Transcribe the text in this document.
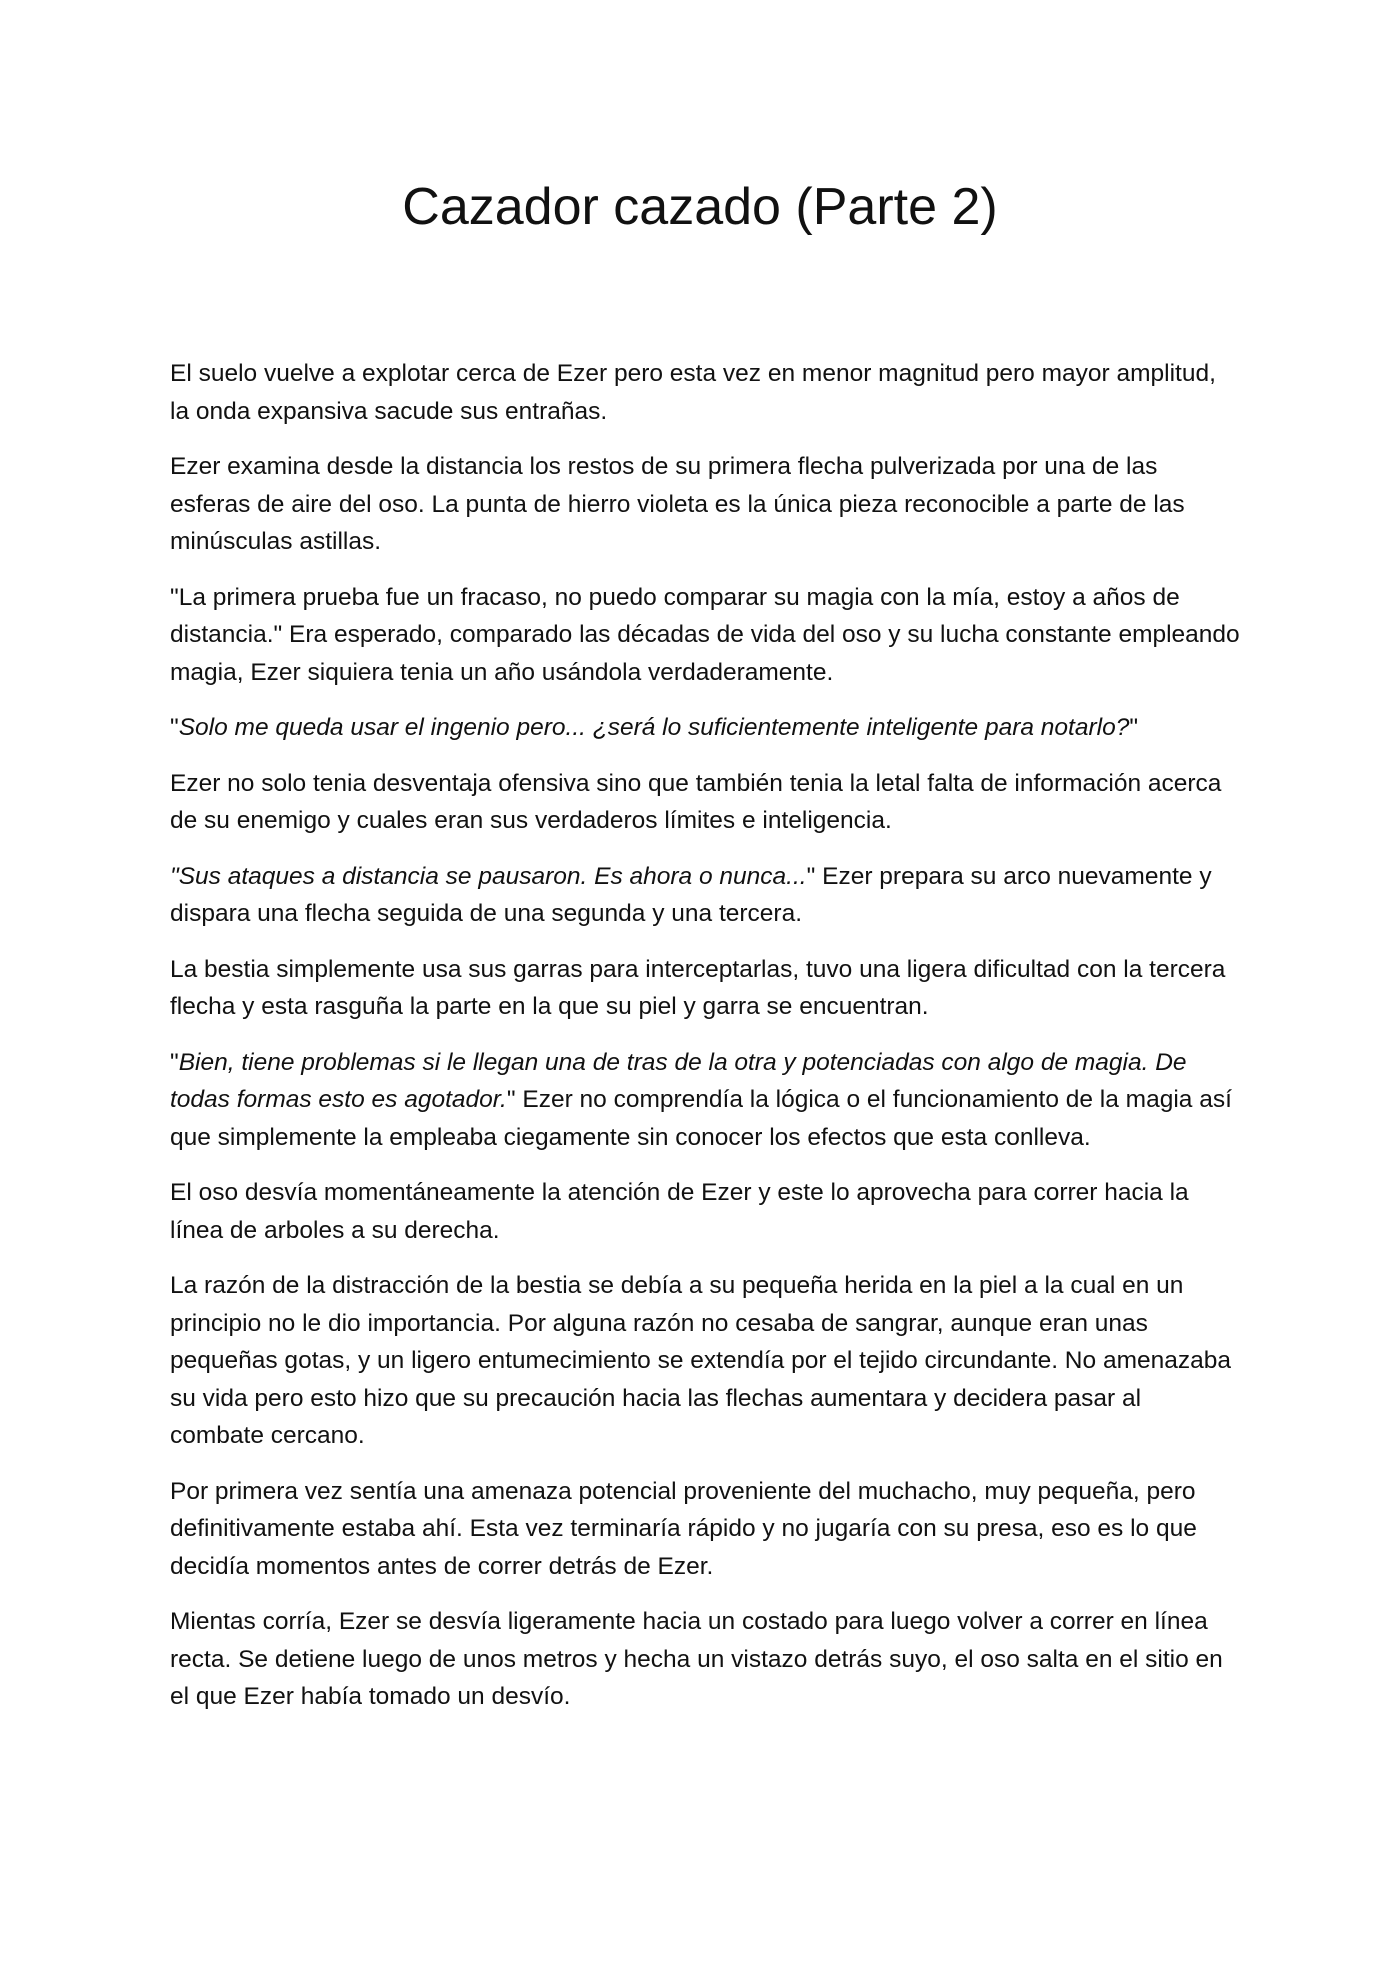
Cazador cazado (Parte 2)

El suelo vuelve a explotar cerca de Ezer pero esta vez en menor magnitud pero mayor amplitud, la onda expansiva sacude sus entrañas.

Ezer examina desde la distancia los restos de su primera flecha pulverizada por una de las esferas de aire del oso. La punta de hierro violeta es la única pieza reconocible a parte de las minúsculas astillas.

"La primera prueba fue un fracaso, no puedo comparar su magia con la mía, estoy a años de distancia." Era esperado, comparado las décadas de vida del oso y su lucha constante empleando magia, Ezer siquiera tenia un año usándola verdaderamente.

"Solo me queda usar el ingenio pero... ¿será lo suficientemente inteligente para notarlo?"

Ezer no solo tenia desventaja ofensiva sino que también tenia la letal falta de información acerca de su enemigo y cuales eran sus verdaderos límites e inteligencia.

"Sus ataques a distancia se pausaron. Es ahora o nunca..." Ezer prepara su arco nuevamente y dispara una flecha seguida de una segunda y una tercera.

La bestia simplemente usa sus garras para interceptarlas, tuvo una ligera dificultad con la tercera flecha y esta rasguña la parte en la que su piel y garra se encuentran.

"Bien, tiene problemas si le llegan una de tras de la otra y potenciadas con algo de magia. De todas formas esto es agotador." Ezer no comprendía la lógica o el funcionamiento de la magia así que simplemente la empleaba ciegamente sin conocer los efectos que esta conlleva.

El oso desvía momentáneamente la atención de Ezer y este lo aprovecha para correr hacia la línea de arboles a su derecha.

La razón de la distracción de la bestia se debía a su pequeña herida en la piel a la cual en un principio no le dio importancia. Por alguna razón no cesaba de sangrar, aunque eran unas pequeñas gotas, y un ligero entumecimiento se extendía por el tejido circundante. No amenazaba su vida pero esto hizo que su precaución hacia las flechas aumentara y decidera pasar al combate cercano.

Por primera vez sentía una amenaza potencial proveniente del muchacho, muy pequeña, pero definitivamente estaba ahí. Esta vez terminaría rápido y no jugaría con su presa, eso es lo que decidía momentos antes de correr detrás de Ezer.

Mientas corría, Ezer se desvía ligeramente hacia un costado para luego volver a correr en línea recta. Se detiene luego de unos metros y hecha un vistazo detrás suyo, el oso salta en el sitio en el que Ezer había tomado un desvío.
